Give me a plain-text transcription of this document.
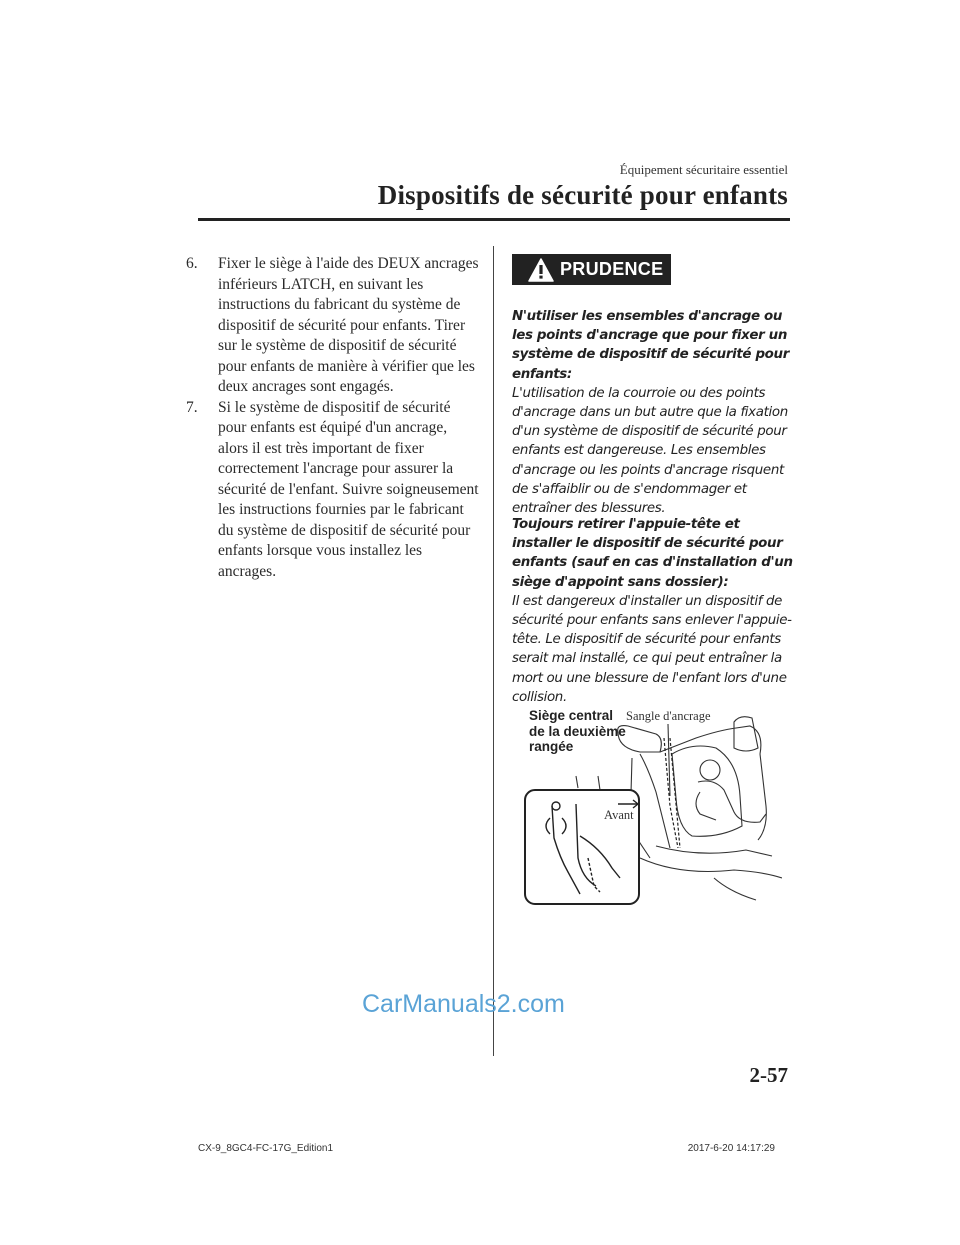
Équipement sécuritaire essentiel
Dispositifs de sécurité pour enfants
6. Fixer le siège à l'aide des DEUX ancrages inférieurs LATCH, en suivant les instructions du fabricant du système de dispositif de sécurité pour enfants. Tirer sur le système de dispositif de sécurité pour enfants de manière à vérifier que les deux ancrages sont engagés.
7. Si le système de dispositif de sécurité pour enfants est équipé d'un ancrage, alors il est très important de fixer correctement l'ancrage pour assurer la sécurité de l'enfant. Suivre soigneusement les instructions fournies par le fabricant du système de dispositif de sécurité pour enfants lorsque vous installez les ancrages.
PRUDENCE
N'utiliser les ensembles d'ancrage ou les points d'ancrage que pour fixer un système de dispositif de sécurité pour enfants:
L'utilisation de la courroie ou des points d'ancrage dans un but autre que la fixation d'un système de dispositif de sécurité pour enfants est dangereuse. Les ensembles d'ancrage ou les points d'ancrage risquent de s'affaiblir ou de s'endommager et entraîner des blessures.
Toujours retirer l'appuie-tête et installer le dispositif de sécurité pour enfants (sauf en cas d'installation d'un siège d'appoint sans dossier):
Il est dangereux d'installer un dispositif de sécurité pour enfants sans enlever l'appuie-tête. Le dispositif de sécurité pour enfants serait mal installé, ce qui peut entraîner la mort ou une blessure de l'enfant lors d'une collision.
Siège central de la deuxième rangée
Sangle d'ancrage
Avant
CarManuals2.com
2-57
CX-9_8GC4-FC-17G_Edition1	2017-6-20 14:17:29
